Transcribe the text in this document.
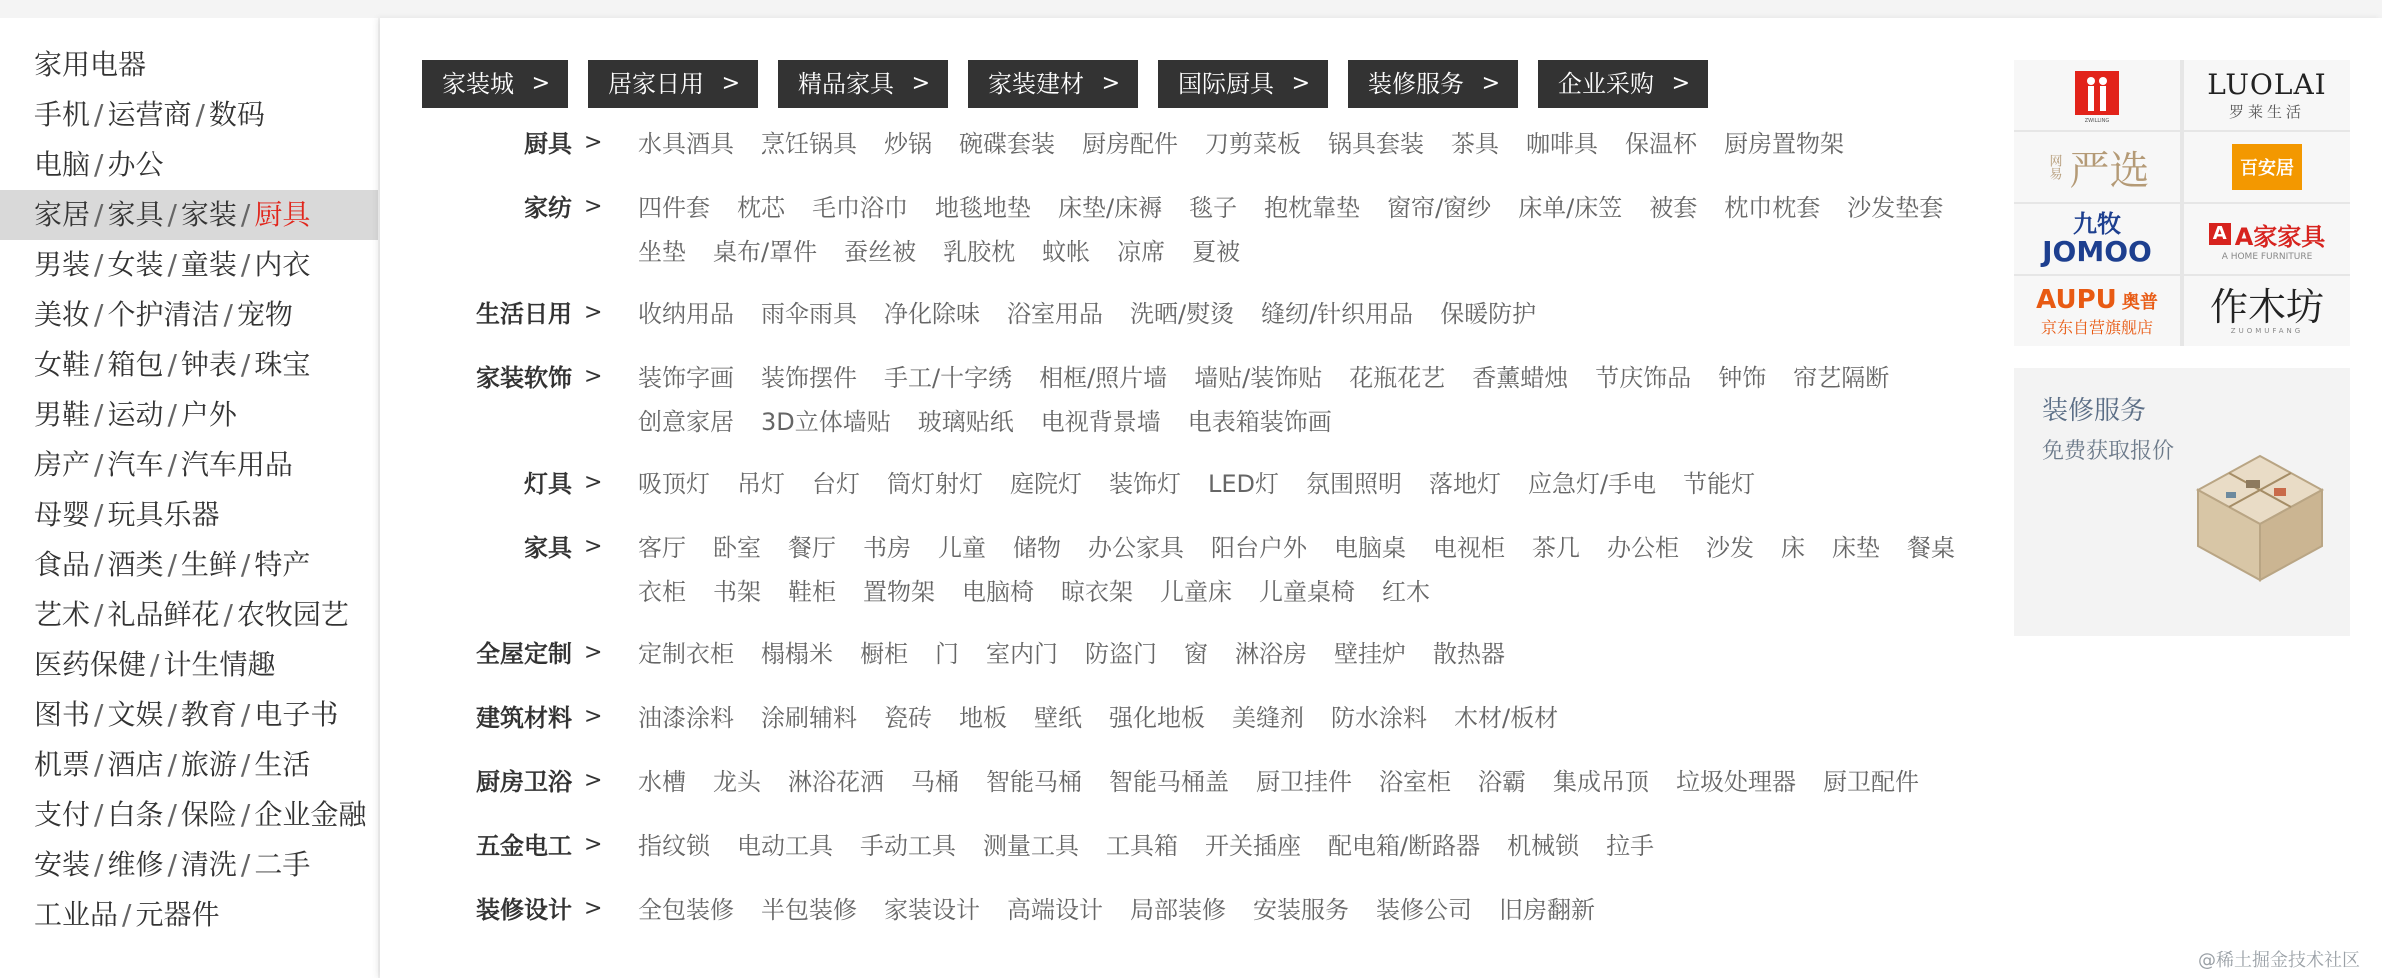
家用电器
手机 / 运营商 / 数码
电脑 / 办公
家居 / 家具 / 家装 / 厨具
男装 / 女装 / 童装 / 内衣
美妆 / 个护清洁 / 宠物
女鞋 / 箱包 / 钟表 / 珠宝
男鞋 / 运动 / 户外
房产 / 汽车 / 汽车用品
母婴 / 玩具乐器
食品 / 酒类 / 生鲜 / 特产
艺术 / 礼品鲜花 / 农牧园艺
医药保健 / 计生情趣
图书 / 文娱 / 教育 / 电子书
机票 / 酒店 / 旅游 / 生活
支付 / 白条 / 保险 / 企业金融
安装 / 维修 / 清洗 / 二手
工业品 / 元器件
家装城 >	居家日用 >	精品家具 >	家装建材 >	国际厨具 >	装修服务 >	企业采购 >
厨具 > 水具酒具 烹饪锅具 炒锅 碗碟套装 厨房配件 刀剪菜板 锅具套装 茶具 咖啡具 保温杯 厨房置物架
家纺 > 四件套 枕芯 毛巾浴巾 地毯地垫 床垫/床褥 毯子 抱枕靠垫 窗帘/窗纱 床单/床笠 被套 枕巾枕套 沙发垫套
坐垫 桌布/罩件 蚕丝被 乳胶枕 蚊帐 凉席 夏被
生活日用 > 收纳用品 雨伞雨具 净化除味 浴室用品 洗晒/熨烫 缝纫/针织用品 保暖防护
家装软饰 > 装饰字画 装饰摆件 手工/十字绣 相框/照片墙 墙贴/装饰贴 花瓶花艺 香薰蜡烛 节庆饰品 钟饰 帘艺隔断
创意家居 3D立体墙贴 玻璃贴纸 电视背景墙 电表箱装饰画
灯具 > 吸顶灯 吊灯 台灯 筒灯射灯 庭院灯 装饰灯 LED灯 氛围照明 落地灯 应急灯/手电 节能灯
家具 > 客厅 卧室 餐厅 书房 儿童 储物 办公家具 阳台户外 电脑桌 电视柜 茶几 办公柜 沙发 床 床垫 餐桌
衣柜 书架 鞋柜 置物架 电脑椅 晾衣架 儿童床 儿童桌椅 红木
全屋定制 > 定制衣柜 榻榻米 橱柜 门 室内门 防盗门 窗 淋浴房 壁挂炉 散热器
建筑材料 > 油漆涂料 涂刷辅料 瓷砖 地板 壁纸 强化地板 美缝剂 防水涂料 木材/板材
厨房卫浴 > 水槽 龙头 淋浴花洒 马桶 智能马桶 智能马桶盖 厨卫挂件 浴室柜 浴霸 集成吊顶 垃圾处理器 厨卫配件
五金电工 > 指纹锁 电动工具 手动工具 测量工具 工具箱 开关插座 配电箱/断路器 机械锁 拉手
装修设计 > 全包装修 半包装修 家装设计 高端设计 局部装修 安装服务 装修公司 旧房翻新
ZWILLING
LUOLAI
罗莱生活
网易 严选	百安居
九牧
JOMOO
A A家家具
A HOME FURNITURE
AUPU 奥普
京东自营旗舰店 作木坊
ZUOMUFANG
装修服务
免费获取报价
@稀土掘金技术社区
